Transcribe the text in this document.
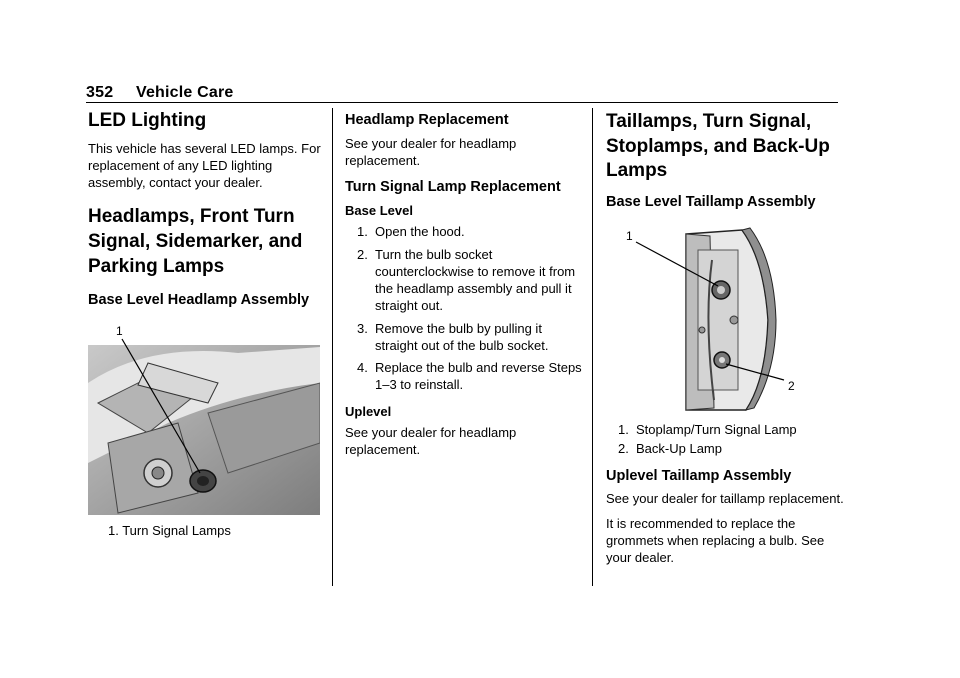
352 Vehicle Care
LED Lighting

This vehicle has several LED lamps. For replacement of any LED lighting assembly, contact your dealer.

Headlamps, Front Turn Signal, Sidemarker, and Parking Lamps
Base Level Headlamp Assembly
1
1. Turn Signal Lamps
Headlamp Replacement

See your dealer for headlamp replacement.

Turn Signal Lamp Replacement
Base Level
1. Open the hood.
2. Turn the bulb socket counterclockwise to remove it from the headlamp assembly and pull it straight out.
3. Remove the bulb by pulling it straight out of the bulb socket.
4. Replace the bulb and reverse Steps 1–3 to reinstall.
Uplevel

See your dealer for headlamp replacement.

Taillamps, Turn Signal, Stoplamps, and Back-Up Lamps
Base Level Taillamp Assembly
1
2
1. Stoplamp/Turn Signal Lamp
2. Back-Up Lamp
Uplevel Taillamp Assembly

See your dealer for taillamp replacement.

It is recommended to replace the grommets when replacing a bulb. See your dealer.
